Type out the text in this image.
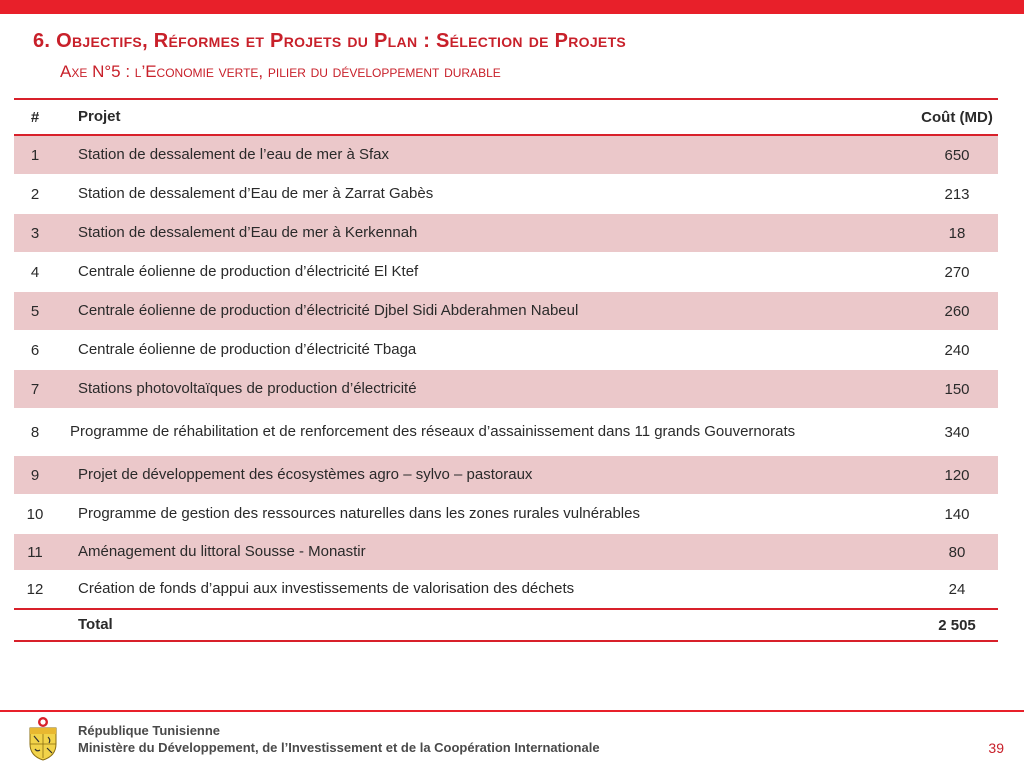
6. Objectifs, Réformes et Projets du Plan : Sélection de Projets
Axe N°5 : l’Economie verte, pilier du développement durable
#	Projet	Coût (MD)
1	Station de dessalement de l’eau de mer à Sfax	650
2	Station de dessalement d’Eau de mer à Zarrat Gabès	213
3	Station de dessalement d’Eau de mer à Kerkennah	18
4	Centrale éolienne de production d’électricité El Ktef	270
5	Centrale éolienne de production d’électricité Djbel Sidi Abderahmen Nabeul	260
6	Centrale éolienne de production d’électricité Tbaga	240
7	Stations photovoltaïques de production d’électricité	150
8	Programme de réhabilitation et de renforcement des réseaux d’assainissement dans 11 grands Gouvernorats	340
9	Projet de développement des écosystèmes agro – sylvo – pastoraux	120
10	Programme de gestion des ressources naturelles dans les zones rurales vulnérables	140
11	Aménagement du littoral Sousse - Monastir	80
12	Création de fonds d’appui aux investissements de valorisation des déchets	24
Total	2 505
République Tunisienne
Ministère du Développement, de l’Investissement et de la Coopération Internationale	39
